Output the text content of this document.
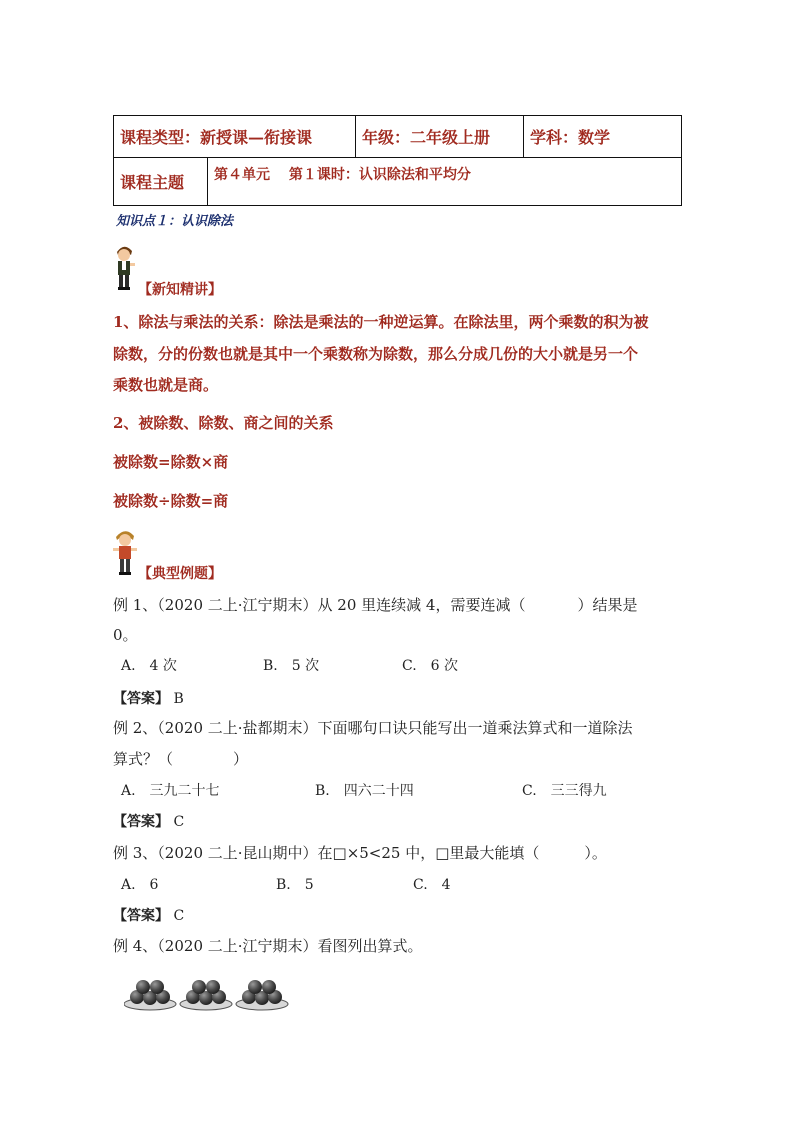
课程类型：新授课—衔接课		年级：二年级上册	学科：数学
课程主题	第４单元　 第１课时：认识除法和平均分		
知识点１：认识除法
【新知精讲】
1、除法与乘法的关系：除法是乘法的一种逆运算。在除法里，两个乘数的积为被
除数，分的份数也就是其中一个乘数称为除数，那么分成几份的大小就是另一个
乘数也就是商。
2、被除数、除数、商之间的关系
被除数=除数×商
被除数÷除数=商
【典型例题】
例 1、（2020 二上·江宁期末）从 20 里连续减 4，需要连减（	）结果是
0。
A.　4 次	B.　5 次	C.　6 次
【答案】 B
例 2、（2020 二上·盐都期末）下面哪句口诀只能写出一道乘法算式和一道除法
算式？（　　　　）
A.　三九二十七	B.　四六二十四	C.　三三得九
【答案】 C
例 3、（2020 二上·昆山期中）在□×5<25 中，□里最大能填（　　　）。
A.　6	B.　5	C.　4
【答案】 C
例 4、（2020 二上·江宁期末）看图列出算式。
